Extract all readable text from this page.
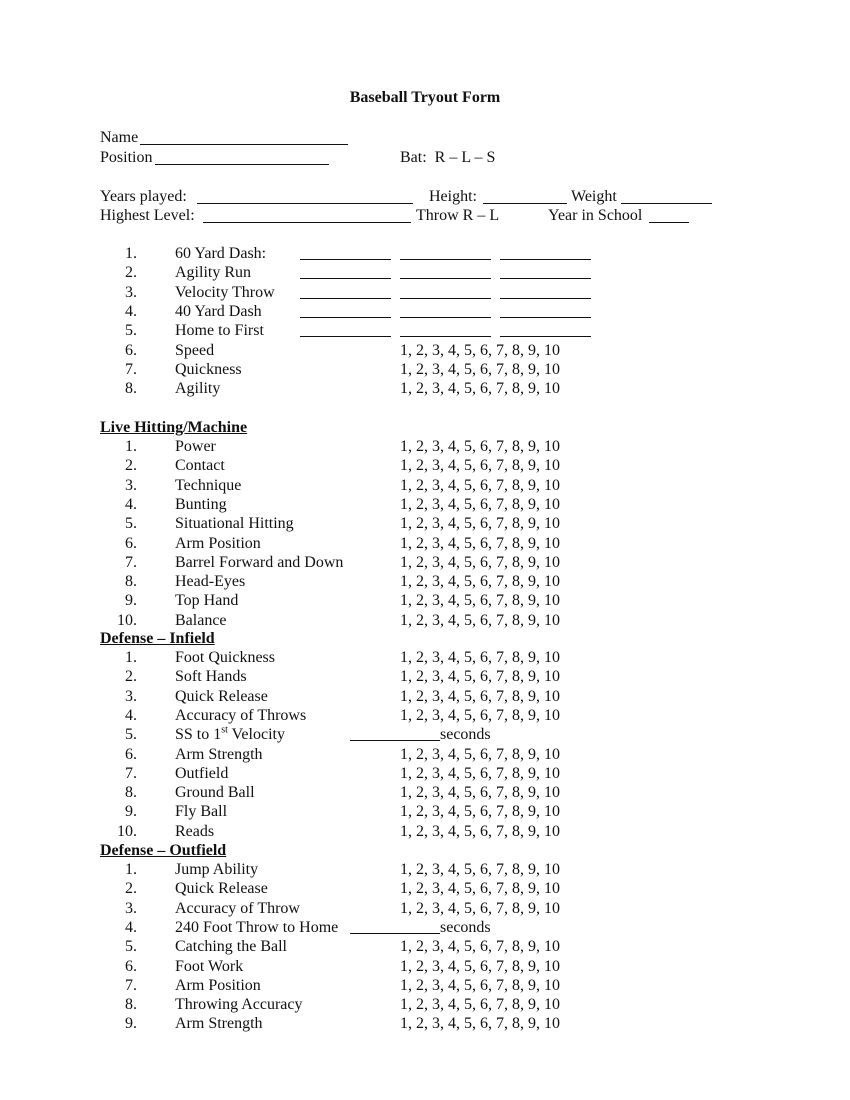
Baseball Tryout Form
Name
Position	Bat:  R – L – S
Years played:	Height:	Weight
Highest Level:	Throw R – L	Year in School
1. 60 Yard Dash:
2. Agility Run
3. Velocity Throw
4. 40 Yard Dash
5. Home to First
6. Speed	1, 2, 3, 4, 5, 6, 7, 8, 9, 10
7. Quickness	1, 2, 3, 4, 5, 6, 7, 8, 9, 10
8. Agility	1, 2, 3, 4, 5, 6, 7, 8, 9, 10
Live Hitting/Machine
1. Power	1, 2, 3, 4, 5, 6, 7, 8, 9, 10
2. Contact	1, 2, 3, 4, 5, 6, 7, 8, 9, 10
3. Technique	1, 2, 3, 4, 5, 6, 7, 8, 9, 10
4. Bunting	1, 2, 3, 4, 5, 6, 7, 8, 9, 10
5. Situational Hitting	1, 2, 3, 4, 5, 6, 7, 8, 9, 10
6. Arm Position	1, 2, 3, 4, 5, 6, 7, 8, 9, 10
7. Barrel Forward and Down	1, 2, 3, 4, 5, 6, 7, 8, 9, 10
8. Head-Eyes	1, 2, 3, 4, 5, 6, 7, 8, 9, 10
9. Top Hand	1, 2, 3, 4, 5, 6, 7, 8, 9, 10
10. Balance	1, 2, 3, 4, 5, 6, 7, 8, 9, 10
Defense – Infield
1. Foot Quickness	1, 2, 3, 4, 5, 6, 7, 8, 9, 10
2. Soft Hands	1, 2, 3, 4, 5, 6, 7, 8, 9, 10
3. Quick Release	1, 2, 3, 4, 5, 6, 7, 8, 9, 10
4. Accuracy of Throws	1, 2, 3, 4, 5, 6, 7, 8, 9, 10
5. SS to 1st Velocity	seconds
6. Arm Strength	1, 2, 3, 4, 5, 6, 7, 8, 9, 10
7. Outfield	1, 2, 3, 4, 5, 6, 7, 8, 9, 10
8. Ground Ball	1, 2, 3, 4, 5, 6, 7, 8, 9, 10
9. Fly Ball	1, 2, 3, 4, 5, 6, 7, 8, 9, 10
10. Reads	1, 2, 3, 4, 5, 6, 7, 8, 9, 10
Defense – Outfield
1. Jump Ability	1, 2, 3, 4, 5, 6, 7, 8, 9, 10
2. Quick Release	1, 2, 3, 4, 5, 6, 7, 8, 9, 10
3. Accuracy of Throw	1, 2, 3, 4, 5, 6, 7, 8, 9, 10
4. 240 Foot Throw to Home	seconds
5. Catching the Ball	1, 2, 3, 4, 5, 6, 7, 8, 9, 10
6. Foot Work	1, 2, 3, 4, 5, 6, 7, 8, 9, 10
7. Arm Position	1, 2, 3, 4, 5, 6, 7, 8, 9, 10
8. Throwing Accuracy	1, 2, 3, 4, 5, 6, 7, 8, 9, 10
9. Arm Strength	1, 2, 3, 4, 5, 6, 7, 8, 9, 10
